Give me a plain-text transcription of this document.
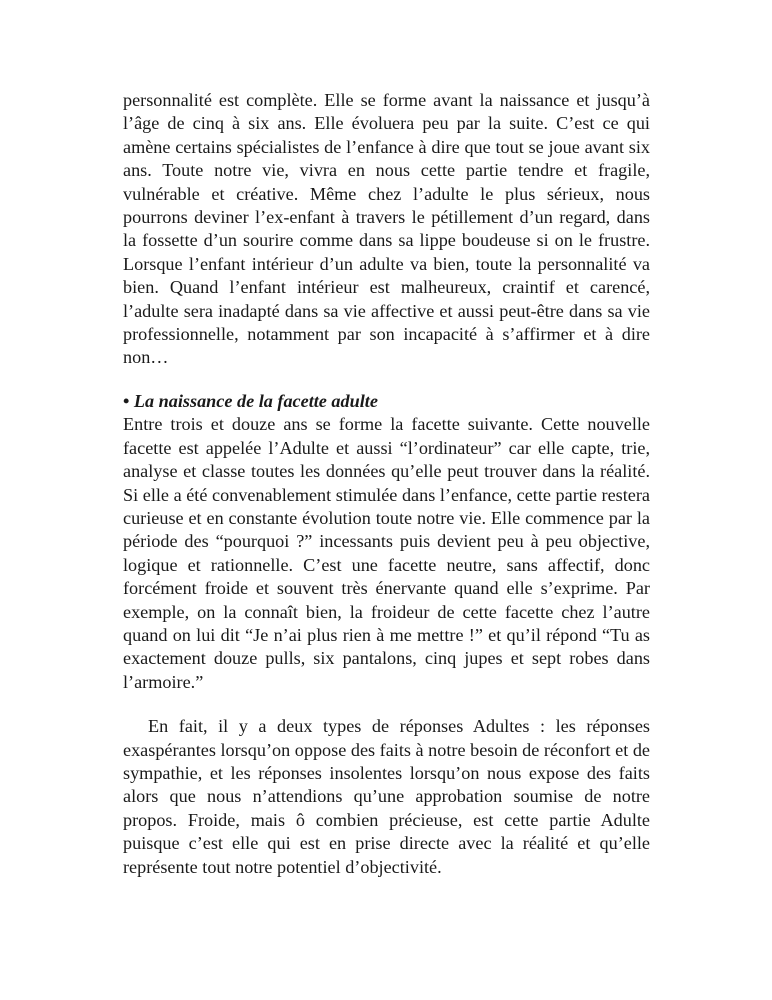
personnalité est complète. Elle se forme avant la naissance et jusqu’à l’âge de cinq à six ans. Elle évoluera peu par la suite. C’est ce qui amène certains spécialistes de l’enfance à dire que tout se joue avant six ans. Toute notre vie, vivra en nous cette partie tendre et fragile, vulnérable et créative. Même chez l’adulte le plus sérieux, nous pourrons deviner l’ex-enfant à travers le pétillement d’un regard, dans la fossette d’un sourire comme dans sa lippe boudeuse si on le frustre. Lorsque l’enfant intérieur d’un adulte va bien, toute la personnalité va bien. Quand l’enfant intérieur est malheureux, craintif et carencé, l’adulte sera inadapté dans sa vie affective et aussi peut-être dans sa vie professionnelle, notamment par son incapacité à s’affirmer et à dire non…

• La naissance de la facette adulte

Entre trois et douze ans se forme la facette suivante. Cette nouvelle facette est appelée l’Adulte et aussi “l’ordinateur” car elle capte, trie, analyse et classe toutes les données qu’elle peut trouver dans la réalité. Si elle a été convenablement stimulée dans l’enfance, cette partie restera curieuse et en constante évolution toute notre vie. Elle commence par la période des “pourquoi ?” incessants puis devient peu à peu objective, logique et rationnelle. C’est une facette neutre, sans affectif, donc forcément froide et souvent très énervante quand elle s’exprime. Par exemple, on la connaît bien, la froideur de cette facette chez l’autre quand on lui dit “Je n’ai plus rien à me mettre !” et qu’il répond “Tu as exactement douze pulls, six pantalons, cinq jupes et sept robes dans l’armoire.”

En fait, il y a deux types de réponses Adultes : les réponses exaspérantes lorsqu’on oppose des faits à notre besoin de réconfort et de sympathie, et les réponses insolentes lorsqu’on nous expose des faits alors que nous n’attendions qu’une approbation soumise de notre propos. Froide, mais ô combien précieuse, est cette partie Adulte puisque c’est elle qui est en prise directe avec la réalité et qu’elle représente tout notre potentiel d’objectivité.
